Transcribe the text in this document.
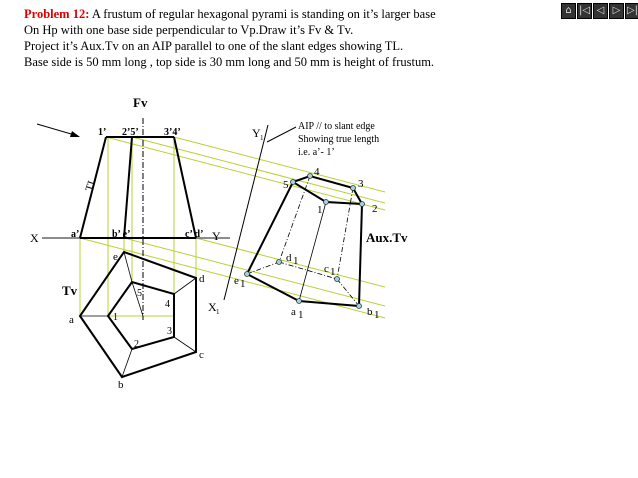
Problem 12: A frustum of regular hexagonal pyrami is standing on it’s larger base
On Hp with one base side perpendicular to Vp.Draw it’s Fv & Tv.
Project it’s Aux.Tv on an AIP parallel to one of the slant edges showing TL.
Base side is 50 mm long , top side is 30 mm long and 50 mm is height of frustum.
⌂ |◁ ◁ ▷ ▷|
Fv
Tv
Aux.Tv
TL
X	Y
X 1
Y 1
1’ 2’5’	3’4’
a’	b’ e’	c’ d’
a
b
c
d
e
1
2
3
4
5
1	2
3
4
5
a	b
c
d
e
1	1
1
1
1
AIP // to slant edge
Showing true length
i.e. a’- 1’
